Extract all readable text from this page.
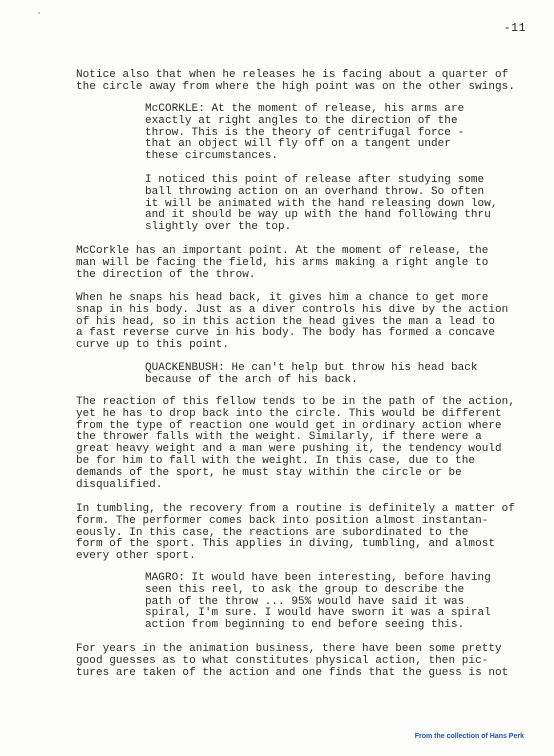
-11

Notice also that when he releases he is facing about a quarter of
the circle away from where the high point was on the other swings.

McCORKLE: At the moment of release, his arms are
exactly at right angles to the direction of the
throw. This is the theory of centrifugal force -
that an object will fly off on a tangent under
these circumstances.

I noticed this point of release after studying some
ball throwing action on an overhand throw. So often
it will be animated with the hand releasing down low,
and it should be way up with the hand following thru
slightly over the top.

McCorkle has an important point. At the moment of release, the
man will be facing the field, his arms making a right angle to
the direction of the throw.

When he snaps his head back, it gives him a chance to get more
snap in his body. Just as a diver controls his dive by the action
of his head, so in this action the head gives the man a lead to
a fast reverse curve in his body. The body has formed a concave
curve up to this point.

QUACKENBUSH: He can't help but throw his head back
because of the arch of his back.

The reaction of this fellow tends to be in the path of the action,
yet he has to drop back into the circle. This would be different
from the type of reaction one would get in ordinary action where
the thrower falls with the weight. Similarly, if there were a
great heavy weight and a man were pushing it, the tendency would
be for him to fall with the weight. In this case, due to the
demands of the sport, he must stay within the circle or be
disqualified.

In tumbling, the recovery from a routine is definitely a matter of
form. The performer comes back into position almost instantan-
eously. In this case, the reactions are subordinated to the
form of the sport. This applies in diving, tumbling, and almost
every other sport.

MAGRO: It would have been interesting, before having
seen this reel, to ask the group to describe the
path of the throw ... 95% would have said it was
spiral, I'm sure. I would have sworn it was a spiral
action from beginning to end before seeing this.

For years in the animation business, there have been some pretty
good guesses as to what constitutes physical action, then pic-
tures are taken of the action and one finds that the guess is not

From the collection of Hans Perk
